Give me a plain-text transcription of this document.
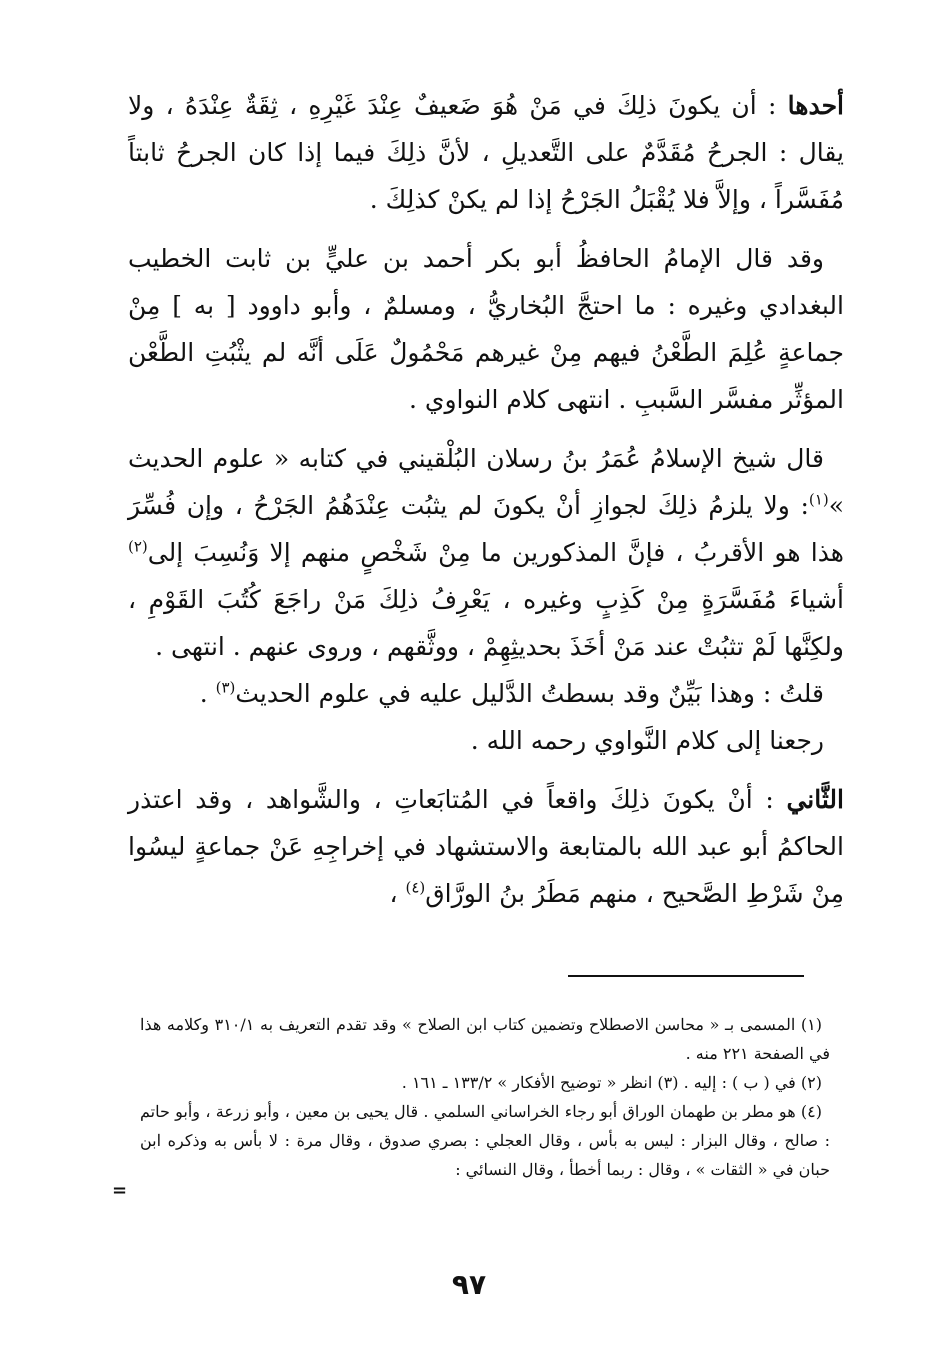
أحدها : أن يكونَ ذلِكَ في مَنْ هُوَ ضَعيفٌ عِنْدَ غَيْرِهِ ، ثِقَةٌ عِنْدَهُ ، ولا يقال : الجرحُ مُقَدَّمٌ على التَّعديلِ ، لأنَّ ذلِكَ فيما إذا كان الجرحُ ثابتاً مُفَسَّراً ، وإلاَّ فلا يُقْبَلُ الجَرْحُ إذا لم يكنْ كذلِكَ .

وقد قال الإمامُ الحافظُ أبو بكر أحمد بن عليٍّ بن ثابت الخطيب البغدادي وغيره : ما احتجَّ البُخاريُّ ، ومسلمٌ ، وأبو داوود [ به ] مِنْ جماعةٍ عُلِمَ الطَّعْنُ فيهم مِنْ غيرهم مَحْمُولٌ عَلَى أنَّه لم يثْبُتِ الطَّعْن المؤثِّر مفسَّر السَّببِ . انتهى كلام النواوي .

قال شيخ الإسلامُ عُمَرُ بنُ رسلان البُلْقيني في كتابه « علوم الحديث »$^{(١)}$: ولا يلزمُ ذلِكَ لجوازِ أنْ يكونَ لم يثبُت عِنْدَهُمُ الجَرْحُ ، وإن فُسِّرَ هذا هو الأقربُ ، فإنَّ المذكورين ما مِنْ شَخْصٍ منهم إلا وَنُسِبَ إلى$^{(٢)}$ أشياءَ مُفَسَّرَةٍ مِنْ كَذِبٍ وغيره ، يَعْرِفُ ذلِكَ مَنْ راجَعَ كُتُبَ القَوْمِ ، ولكِنَّها لَمْ تثبُتْ عند مَنْ أخَذَ بحديثِهِمْ ، ووثَّقهم ، وروى عنهم . انتهى .

قلتُ : وهذا بَيِّنٌ وقد بسطتُ الدَّليل عليه في علوم الحديث$^{(٣)}$ .

رجعنا إلى كلام النَّواوي رحمه الله .

الثَّاني : أنْ يكونَ ذلِكَ واقعاً في المُتابَعاتِ ، والشَّواهد ، وقد اعتذر الحاكمُ أبو عبد الله بالمتابعة والاستشهاد في إخراجِهِ عَنْ جماعةٍ ليسُوا مِنْ شَرْطِ الصَّحيح ، منهم مَطَرُ بنُ الورَّاق$^{(٤)}$ ،

(١) المسمى بـ « محاسن الاصطلاح وتضمين كتاب ابن الصلاح » وقد تقدم التعريف به ٣١٠/١ وكلامه هذا في الصفحة ٢٢١ منه .

(٢) في ( ب ) : إليه . (٣) انظر « توضيح الأفكار » ١٣٣/٢ ـ ١٦١ .

(٤) هو مطر بن طهمان الوراق أبو رجاء الخراساني السلمي . قال يحيى بن معين ، وأبو زرعة ، وأبو حاتم : صالح ، وقال البزار : ليس به بأس ، وقال العجلي : بصري صدوق ، وقال مرة : لا بأس به وذكره ابن حبان في « الثقات » ، وقال : ربما أخطأ ، وقال النسائي :

=
٩٧
